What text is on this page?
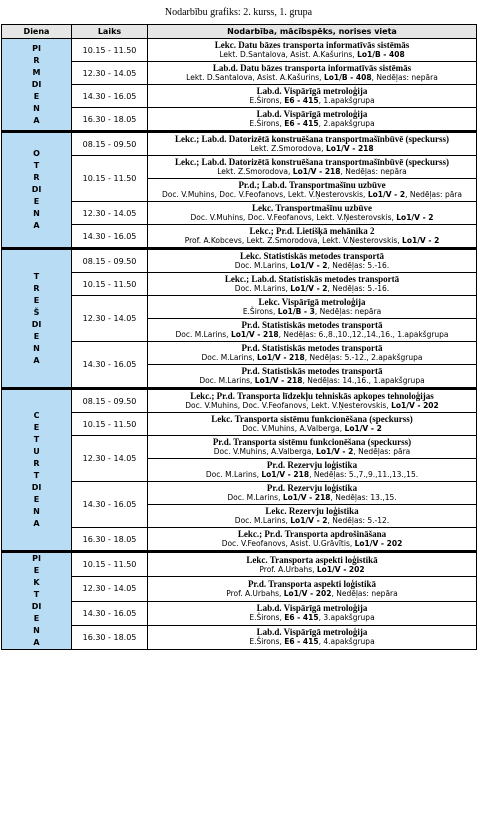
Nodarbību grafiks: 2. kurss, 1. grupa
Diena	Laiks	Nodarbība, mācībspēks, norises vieta
PIRMDIENA	10.15 - 11.50	Lekc. Datu bāzes transporta informatīvās sistēmās
Lekt. D.Santalova, Asist. A.Kašurins, Lo1/B - 408

	12.30 - 14.05	Lab.d. Datu bāzes transporta informatīvās sistēmās
Lekt. D.Santalova, Asist. A.Kašurins, Lo1/B - 408, Nedēļas: nepāra

	14.30 - 16.05	Lab.d. Vispārīgā metroloģija
E.Širons, E6 - 415, 1.apakšgrupa

	16.30 - 18.05	Lab.d. Vispārīgā metroloģija
E.Širons, E6 - 415, 2.apakšgrupa

OTRDIENA	08.15 - 09.50	Lekc.; Lab.d. Datorizētā konstruēšana transportmašīnbūvē (speckurss)
Lekt. Z.Smorodova, Lo1/V - 218

	10.15 - 11.50	Lekc.; Lab.d. Datorizētā konstruēšana transportmašīnbūvē (speckurss)
Lekt. Z.Smorodova, Lo1/V - 218, Nedēļas: nepāra

		Pr.d.; Lab.d. Transportmašīnu uzbūve
Doc. V.Muhins, Doc. V.Feofanovs, Lekt. V.Ņesterovskis, Lo1/V - 2, Nedēļas: pāra

	12.30 - 14.05	Lekc. Transportmašīnu uzbūve
Doc. V.Muhins, Doc. V.Feofanovs, Lekt. V.Ņesterovskis, Lo1/V - 2

	14.30 - 16.05	Lekc.; Pr.d. Lietišķā mehānika 2
Prof. A.Kobcevs, Lekt. Z.Smorodova, Lekt. V.Ņesterovskis, Lo1/V - 2

TREŠDIENA	08.15 - 09.50	Lekc. Statistiskās metodes transportā
Doc. M.Larins, Lo1/V - 2, Nedēļas: 5.-16.

	10.15 - 11.50	Lekc.; Lab.d. Statistiskās metodes transportā
Doc. M.Larins, Lo1/V - 2, Nedēļas: 5.-16.

	12.30 - 14.05	Lekc. Vispārīgā metroloģija
E.Širons, Lo1/B - 3, Nedēļas: nepāra

		Pr.d. Statistiskās metodes transportā
Doc. M.Larins, Lo1/V - 218, Nedēļas: 6.,8.,10.,12.,14.,16., 1.apakšgrupa

	14.30 - 16.05	Pr.d. Statistiskās metodes transportā
Doc. M.Larins, Lo1/V - 218, Nedēļas: 5.-12., 2.apakšgrupa

		Pr.d. Statistiskās metodes transportā
Doc. M.Larins, Lo1/V - 218, Nedēļas: 14.,16., 1.apakšgrupa

CETURTDIENA	08.15 - 09.50	Lekc.; Pr.d. Transporta līdzekļu tehniskās apkopes tehnoloģijas
Doc. V.Muhins, Doc. V.Feofanovs, Lekt. V.Ņesterovskis, Lo1/V - 202

	10.15 - 11.50	Lekc. Transporta sistēmu funkcionēšana (speckurss)
Doc. V.Muhins, A.Valberga, Lo1/V - 2

	12.30 - 14.05	Pr.d. Transporta sistēmu funkcionēšana (speckurss)
Doc. V.Muhins, A.Valberga, Lo1/V - 2, Nedēļas: pāra

		Pr.d. Rezervju loģistika
Doc. M.Larins, Lo1/V - 218, Nedēļas: 5.,7.,9.,11.,13.,15.

	14.30 - 16.05	Pr.d. Rezervju loģistika
Doc. M.Larins, Lo1/V - 218, Nedēļas: 13.,15.

		Lekc. Rezervju loģistika
Doc. M.Larins, Lo1/V - 2, Nedēļas: 5.-12.

	16.30 - 18.05	Lekc.; Pr.d. Transporta apdrošināšana
Doc. V.Feofanovs, Asist. U.Grāvītis, Lo1/V - 202

PIEKTDIENA	10.15 - 11.50	Lekc. Transporta aspekti loģistikā
Prof. A.Urbahs, Lo1/V - 202

	12.30 - 14.05	Pr.d. Transporta aspekti loģistikā
Prof. A.Urbahs, Lo1/V - 202, Nedēļas: nepāra

	14.30 - 16.05	Lab.d. Vispārīgā metroloģija
E.Širons, E6 - 415, 3.apakšgrupa

	16.30 - 18.05	Lab.d. Vispārīgā metroloģija
E.Širons, E6 - 415, 4.apakšgrupa
